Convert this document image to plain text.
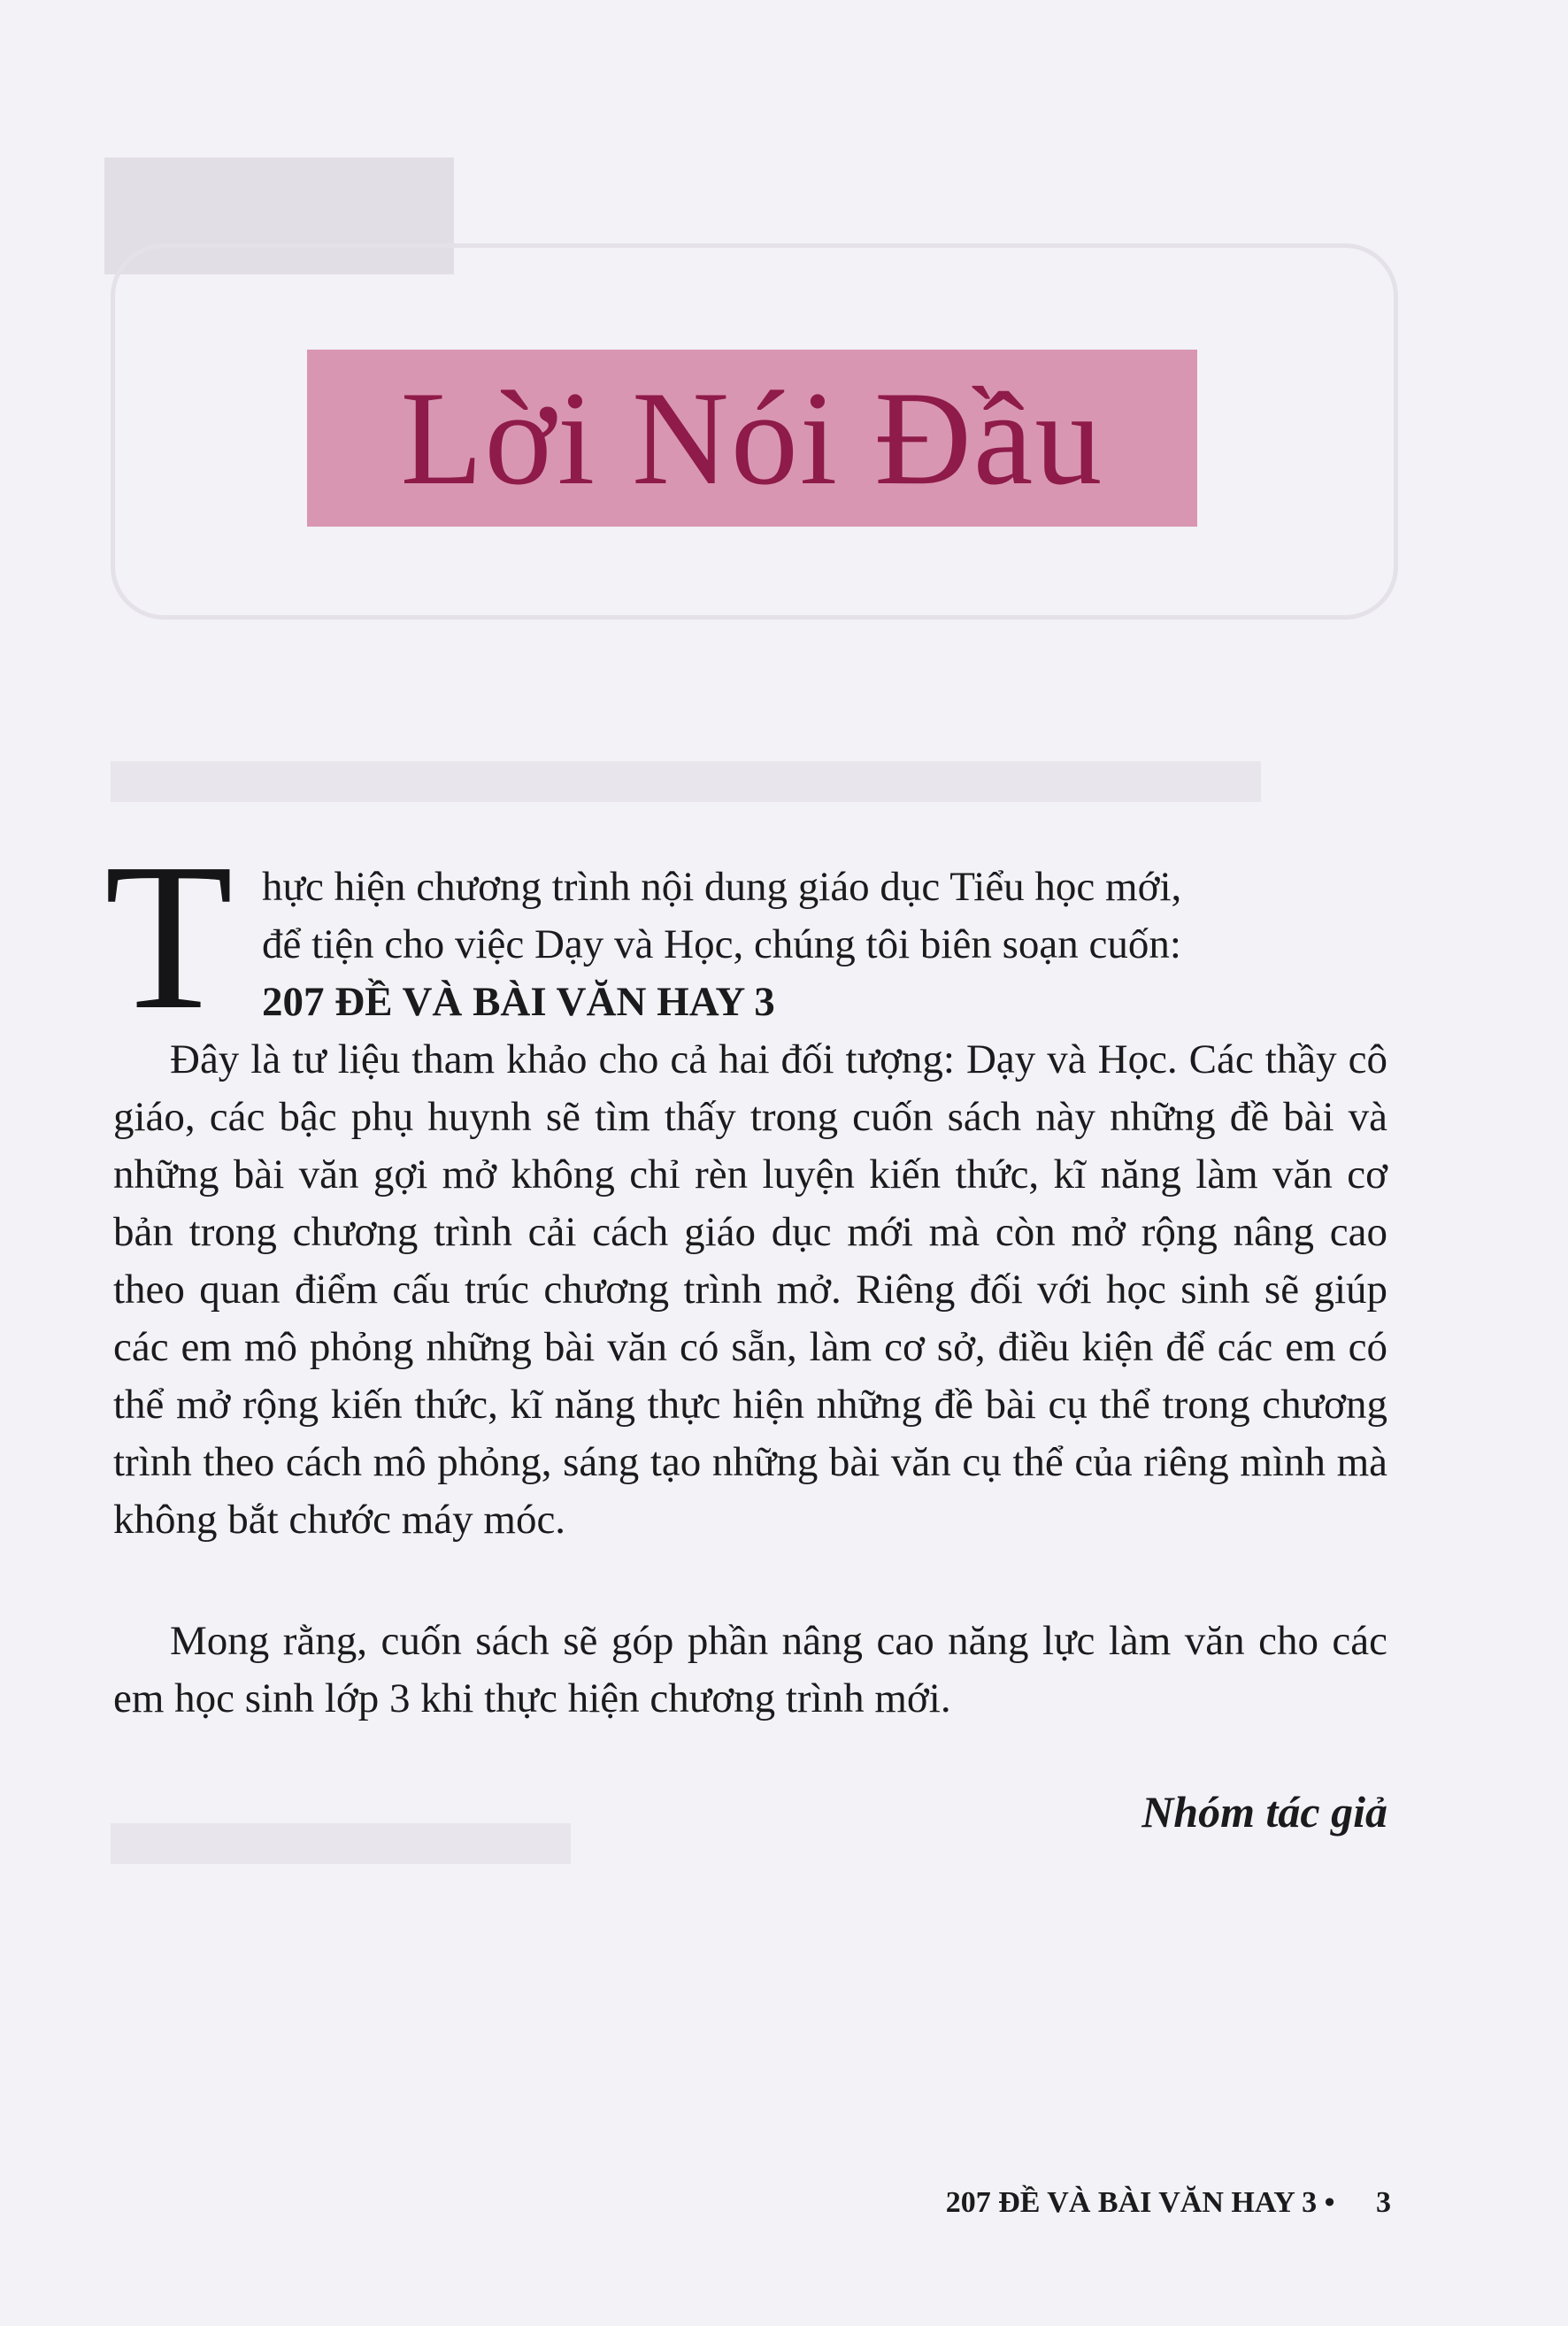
Lời Nói Đầu
T hực hiện chương trình nội dung giáo dục Tiểu học mới,

để tiện cho việc Dạy và Học, chúng tôi biên soạn cuốn:

207 ĐỀ VÀ BÀI VĂN HAY 3

Đây là tư liệu tham khảo cho cả hai đối tượng: Dạy và Học. Các thầy cô giáo, các bậc phụ huynh sẽ tìm thấy trong cuốn sách này những đề bài và những bài văn gợi mở không chỉ rèn luyện kiến thức, kĩ năng làm văn cơ bản trong chương trình cải cách giáo dục mới mà còn mở rộng nâng cao theo quan điểm cấu trúc chương trình mở. Riêng đối với học sinh sẽ giúp các em mô phỏng những bài văn có sẵn, làm cơ sở, điều kiện để các em có thể mở rộng kiến thức, kĩ năng thực hiện những đề bài cụ thể trong chương trình theo cách mô phỏng, sáng tạo những bài văn cụ thể của riêng mình mà không bắt chước máy móc.

Mong rằng, cuốn sách sẽ góp phần nâng cao năng lực làm văn cho các em học sinh lớp 3 khi thực hiện chương trình mới.

Nhóm tác giả
207 ĐỀ VÀ BÀI VĂN HAY 3 • 3
